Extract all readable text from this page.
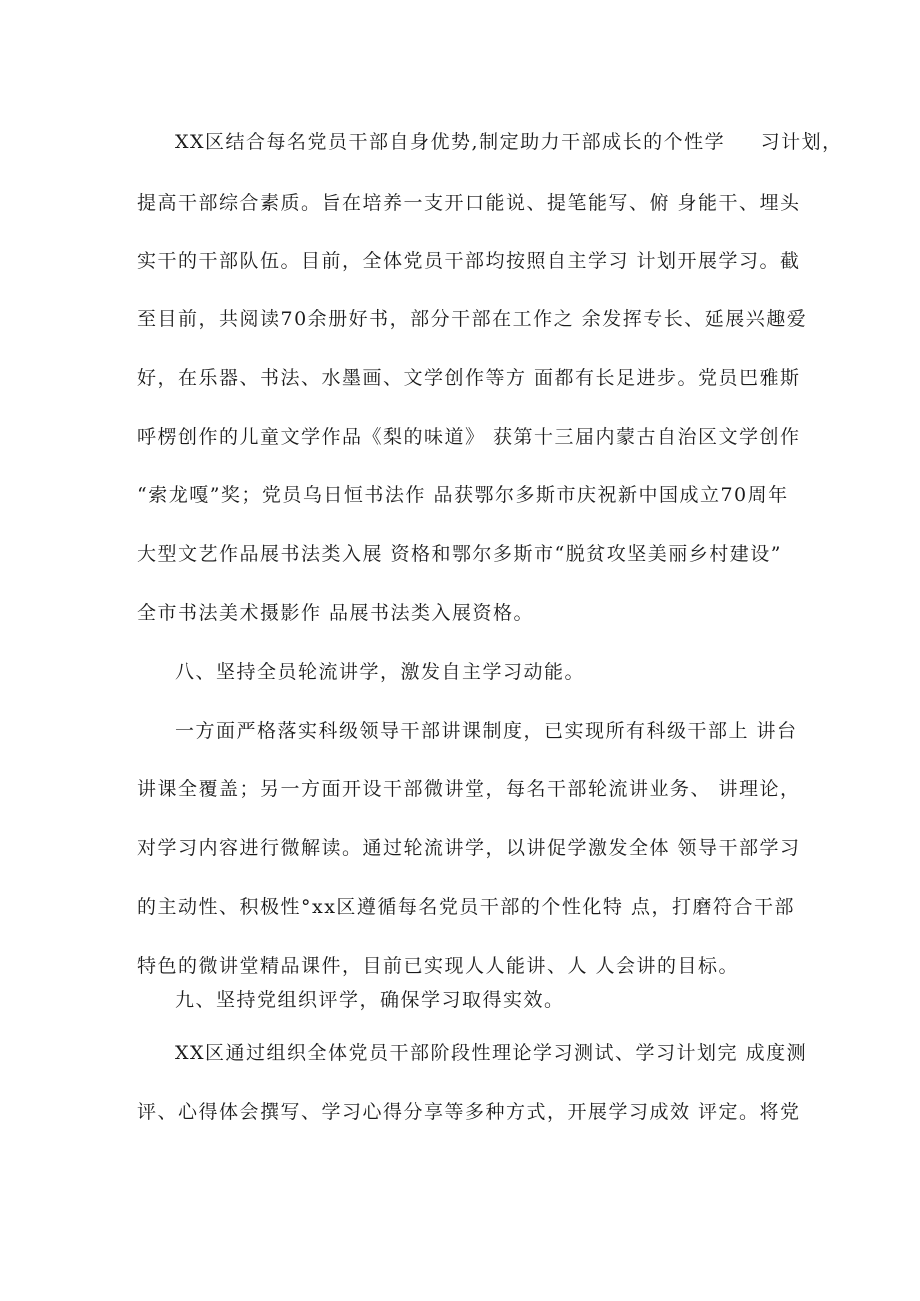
XX区结合每名党员干部自身优势,制定助力干部成长的个性学　  习计划，

提高干部综合素质。旨在培养一支开口能说、提笔能写、俯 身能干、埋头

实干的干部队伍。目前，全体党员干部均按照自主学习 计划开展学习。截

至目前，共阅读70余册好书，部分干部在工作之 余发挥专长、延展兴趣爱

好，在乐器、书法、水墨画、文学创作等方 面都有长足进步。党员巴雅斯

呼楞创作的儿童文学作品《梨的味道》 获第十三届内蒙古自治区文学创作

“索龙嘎”奖；党员乌日恒书法作 品获鄂尔多斯市庆祝新中国成立70周年

大型文艺作品展书法类入展 资格和鄂尔多斯市“脱贫攻坚美丽乡村建设”

全市书法美术摄影作 品展书法类入展资格。

八、坚持全员轮流讲学，激发自主学习动能。

一方面严格落实科级领导干部讲课制度，已实现所有科级干部上 讲台

讲课全覆盖；另一方面开设干部微讲堂，每名干部轮流讲业务、 讲理论，

对学习内容进行微解读。通过轮流讲学，以讲促学激发全体 领导干部学习

的主动性、积极性°xx区遵循每名党员干部的个性化特 点，打磨符合干部

特色的微讲堂精品课件，目前已实现人人能讲、人 人会讲的目标。

九、坚持党组织评学，确保学习取得实效。

XX区通过组织全体党员干部阶段性理论学习测试、学习计划完 成度测

评、心得体会撰写、学习心得分享等多种方式，开展学习成效 评定。将党
